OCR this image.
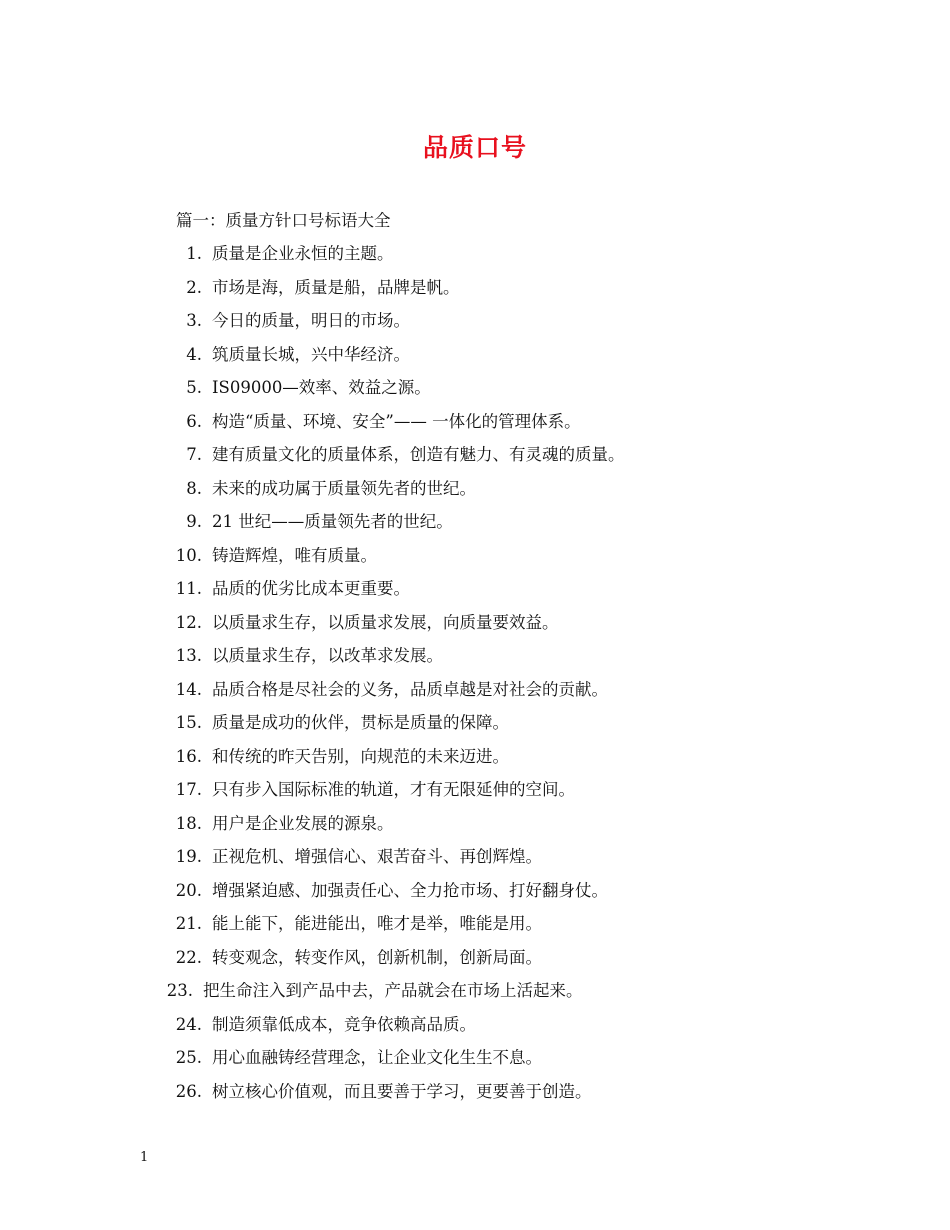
品质口号
篇一：质量方针口号标语大全
1. 质量是企业永恒的主题。
2. 市场是海，质量是船，品牌是帆。
3. 今日的质量，明日的市场。
4. 筑质量长城，兴中华经济。
5. IS09000—效率、效益之源。
6. 构造“质量、环境、安全”—— 一体化的管理体系。
7. 建有质量文化的质量体系，创造有魅力、有灵魂的质量。
8. 未来的成功属于质量领先者的世纪。
9. 21 世纪——质量领先者的世纪。
10. 铸造辉煌，唯有质量。
11. 品质的优劣比成本更重要。
12. 以质量求生存，以质量求发展，向质量要效益。
13. 以质量求生存，以改革求发展。
14. 品质合格是尽社会的义务，品质卓越是对社会的贡献。
15. 质量是成功的伙伴，贯标是质量的保障。
16. 和传统的昨天告别，向规范的未来迈进。
17. 只有步入国际标准的轨道，才有无限延伸的空间。
18. 用户是企业发展的源泉。
19. 正视危机、增强信心、艰苦奋斗、再创辉煌。
20. 增强紧迫感、加强责任心、全力抢市场、打好翻身仗。
21. 能上能下，能进能出，唯才是举，唯能是用。
22. 转变观念，转变作风，创新机制，创新局面。
23. 把生命注入到产品中去，产品就会在市场上活起来。
24. 制造须靠低成本，竞争依赖高品质。
25. 用心血融铸经营理念，让企业文化生生不息。
26. 树立核心价值观，而且要善于学习，更要善于创造。
1
